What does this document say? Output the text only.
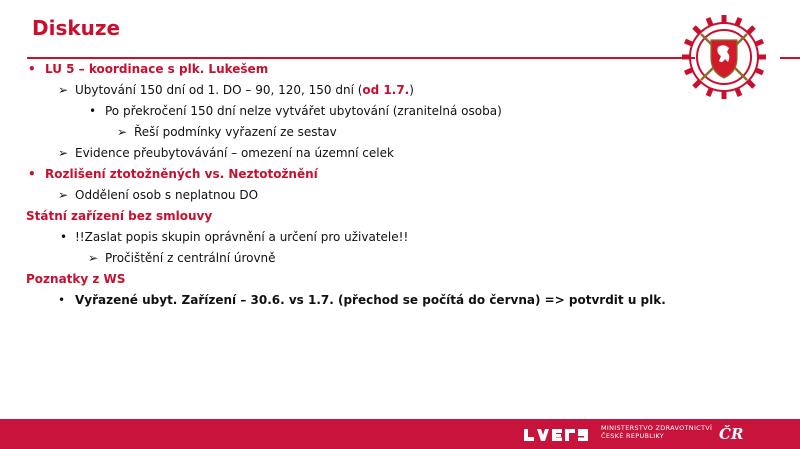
Diskuze
• LU 5 – koordinace s plk. Lukešem
➢ Ubytování 150 dní od 1. DO – 90, 120, 150 dní (od 1.7.)
• Po překročení 150 dní nelze vytvářet ubytování (zranitelná osoba)
➢ Řeší podmínky vyřazení ze sestav
➢ Evidence přeubytovávání – omezení na územní celek
• Rozlišení ztotožněných vs. Neztotožnění
➢ Oddělení osob s neplatnou DO
Státní zařízení bez smlouvy
• !!Zaslat popis skupin oprávnění a určení pro uživatele!!
➢ Pročištění z centrální úrovně
Poznatky z WS
• Vyřazené ubyt. Zařízení – 30.6. vs 1.7. (přechod se počítá do června) => potvrdit u plk.
MINISTERSTVO ZDRAVOTNICTVÍ
ČESKÉ REPUBLIKY	ČR
